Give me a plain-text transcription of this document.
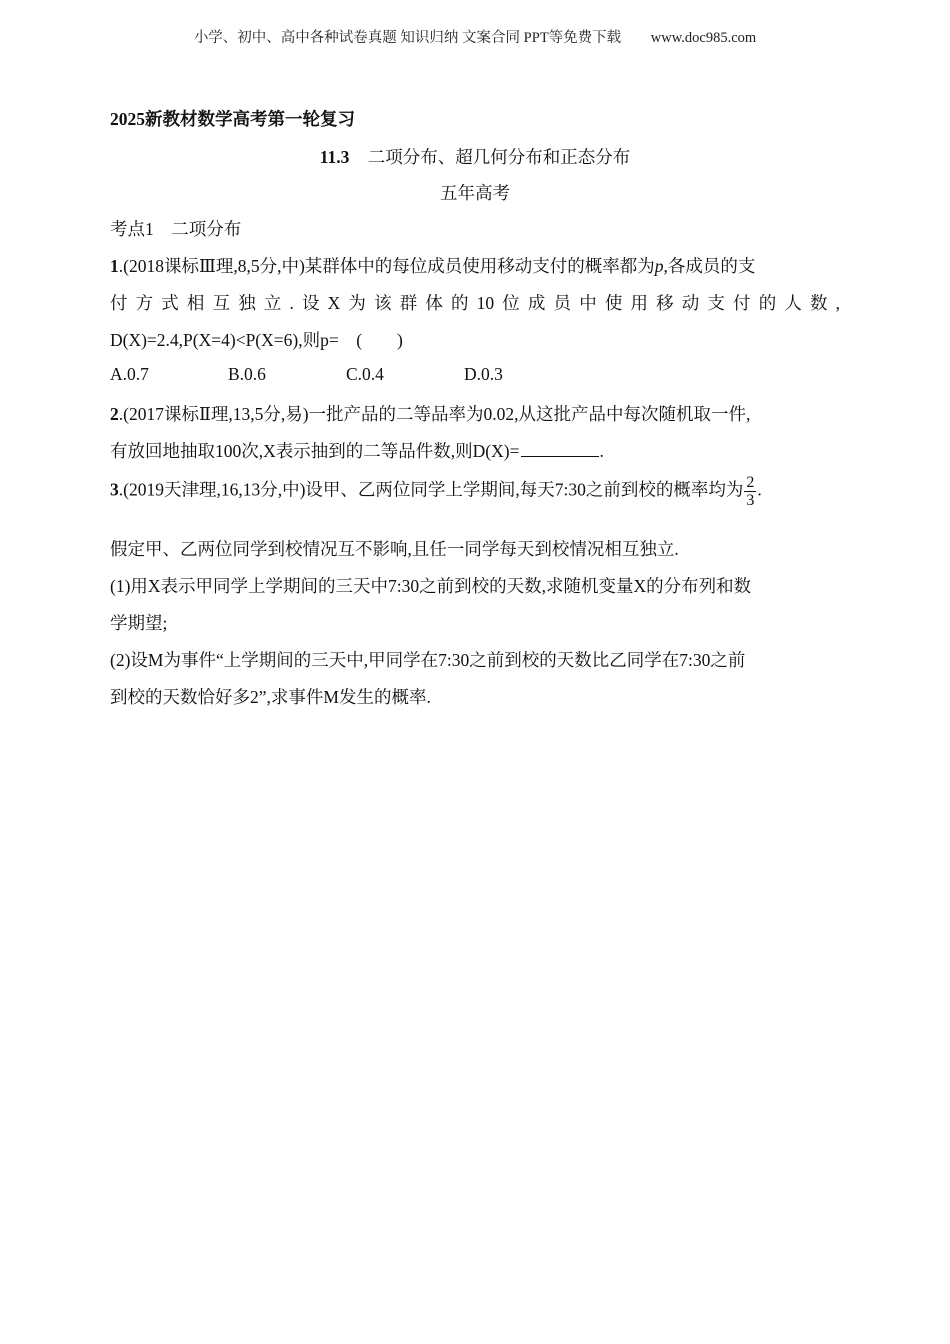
小学、初中、高中各种试卷真题 知识归纳 文案合同 PPT等免费下载 www.doc985.com
2025新教材数学高考第一轮复习
11.3 二项分布、超几何分布和正态分布
五年高考
考点1　二项分布
1.(2018课标Ⅲ理,8,5分,中)某群体中的每位成员使用移动支付的概率都为p,各成员的支
付方式相互独立.设X为该群体的10位成员中使用移动支付的人数,
D(X)=2.4,P(X=4)<P(X=6),则p=　(　　)
A.0.7	B.0.6	C.0.4	D.0.3
2.(2017课标Ⅱ理,13,5分,易)一批产品的二等品率为0.02,从这批产品中每次随机取一件,
有放回地抽取100次,X表示抽到的二等品件数,则D(X)=	.
3.(2019天津理,16,13分,中)设甲、乙两位同学上学期间,每天7:30之前到校的概率均为 $\frac{2}{3}$ .
假定甲、乙两位同学到校情况互不影响,且任一同学每天到校情况相互独立.
(1)用X表示甲同学上学期间的三天中7:30之前到校的天数,求随机变量X的分布列和数
学期望;
(2)设M为事件“上学期间的三天中,甲同学在7:30之前到校的天数比乙同学在7:30之前
到校的天数恰好多2”,求事件M发生的概率.
